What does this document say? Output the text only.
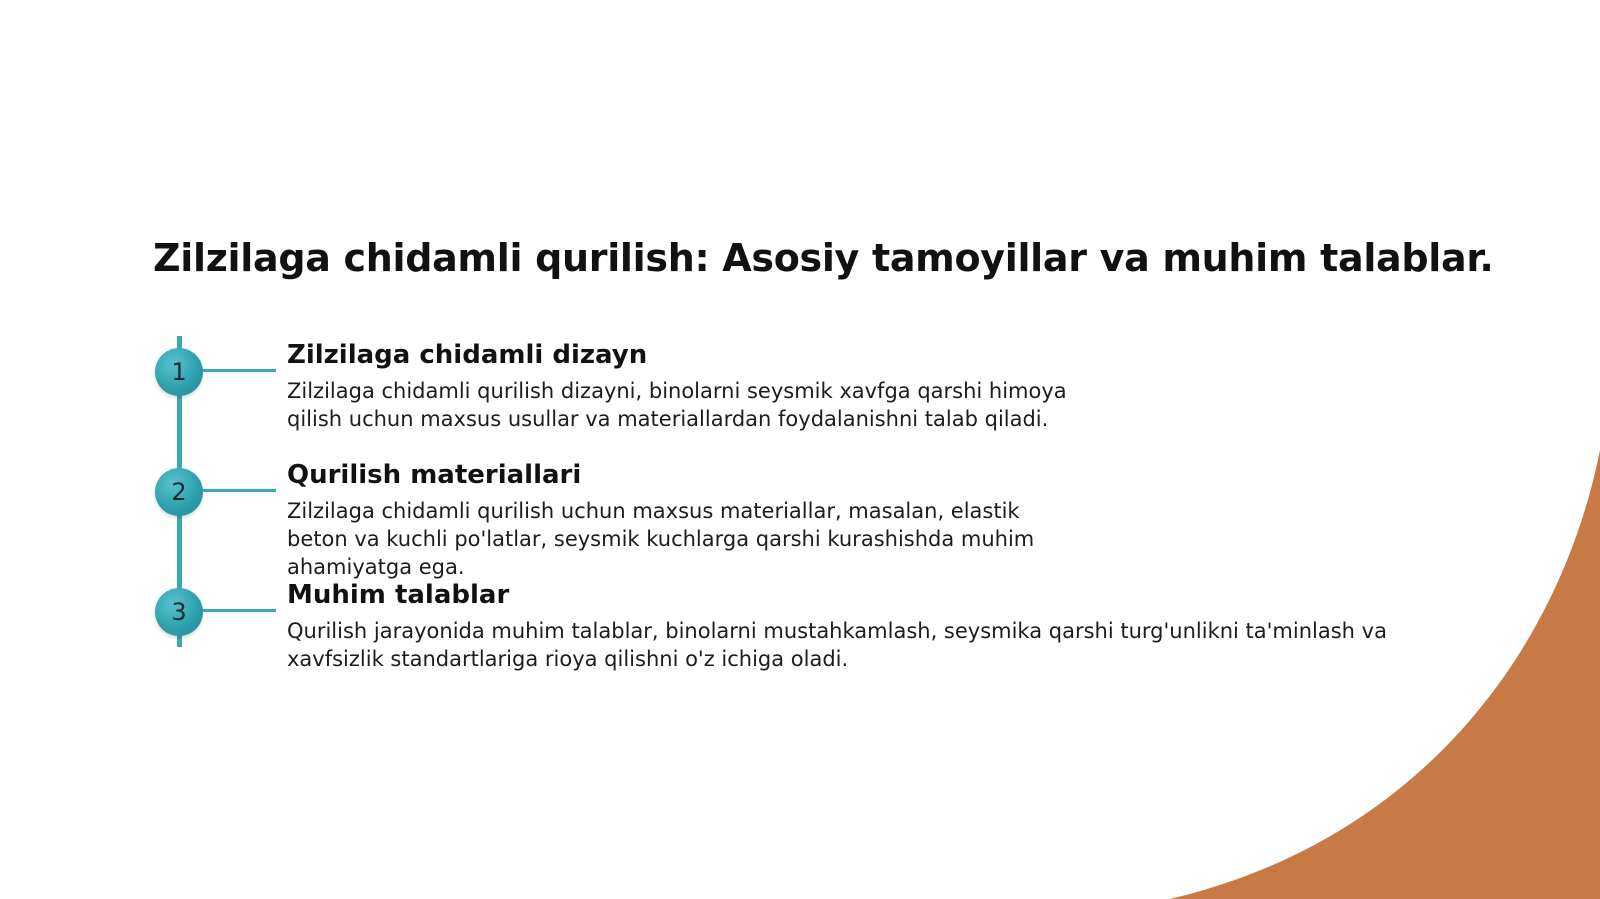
Zilzilaga chidamli qurilish: Asosiy tamoyillar va muhim talablar.
1
Zilzilaga chidamli dizayn

Zilzilaga chidamli qurilish dizayni, binolarni seysmik xavfga qarshi himoya qilish uchun maxsus usullar va materiallardan foydalanishni talab qiladi.

2
Qurilish materiallari

Zilzilaga chidamli qurilish uchun maxsus materiallar, masalan, elastik beton va kuchli po'latlar, seysmik kuchlarga qarshi kurashishda muhim ahamiyatga ega.

3
Muhim talablar

Qurilish jarayonida muhim talablar, binolarni mustahkamlash, seysmika qarshi turg'unlikni ta'minlash va xavfsizlik standartlariga rioya qilishni o'z ichiga oladi.
